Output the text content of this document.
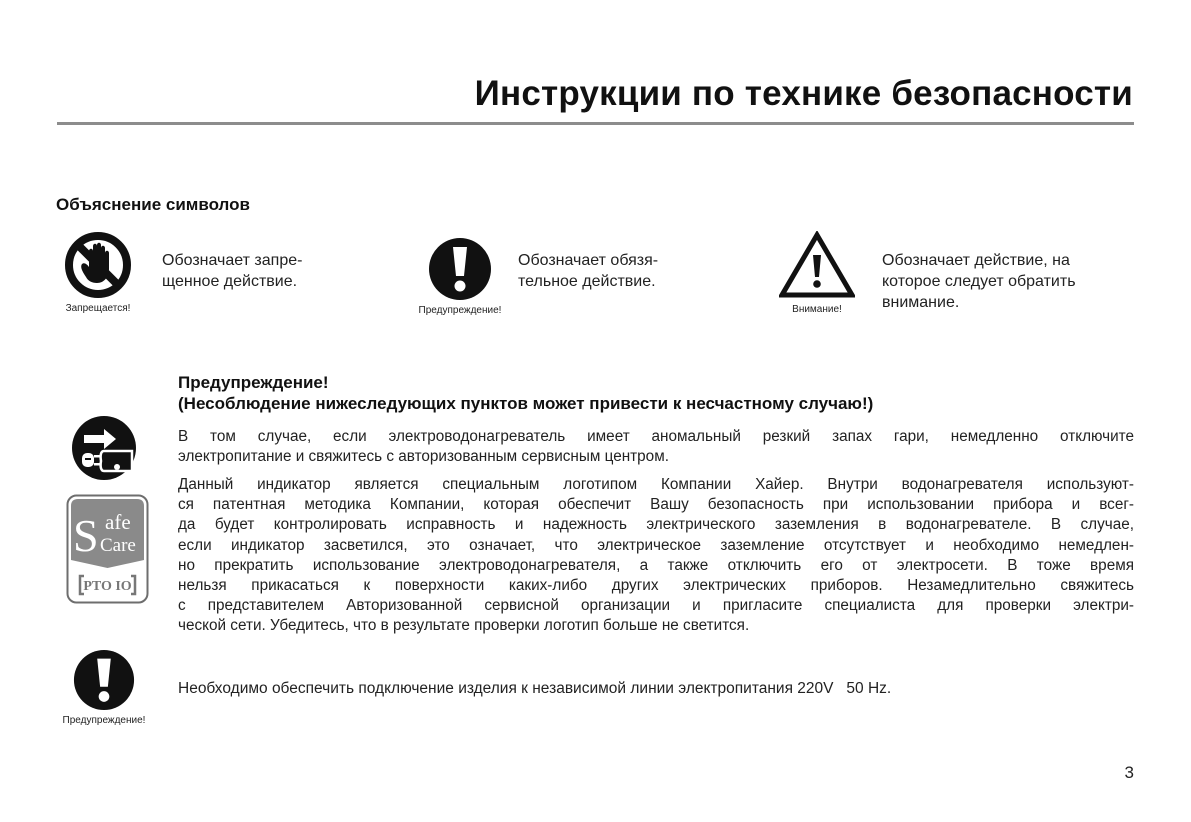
Инструкции по технике безопасности
Объяснение символов
Запрещается!
Обозначает запре-
щенное действие.
Предупреждение!
Обозначает обязя-
тельное действие.
Внимание!
Обозначает действие, на
которое следует обратить
внимание.
Предупреждение!
(Несоблюдение нижеследующих пунктов может привести к несчастному случаю!)
В том случае, если электроводонагреватель имеет аномальный резкий запах гари, немедленно отключите
электропитание и свяжитесь с авторизованным сервисным центром.
S afe
Care
PTO IO
Данный индикатор является специальным логотипом Компании Хайер. Внутри водонагревателя используют-
ся патентная методика Компании, которая обеспечит Вашу безопасность при использовании прибора и всег-
да будет контролировать исправность и надежность электрического заземления в водонагревателе. В случае,
если индикатор засветился, это означает, что электрическое заземление отсутствует и необходимо немедлен-
но прекратить использование электроводонагревателя, а также отключить его от электросети. В тоже время
нельзя прикасаться к поверхности каких-либо других электрических приборов. Незамедлительно свяжитесь
с представителем Авторизованной сервисной организации и пригласите специалиста для проверки электри-
ческой сети. Убедитесь, что в результате проверки логотип больше не светится.
Предупреждение!
Необходимо обеспечить подключение изделия к независимой линии электропитания 220V   50 Hz.
3
